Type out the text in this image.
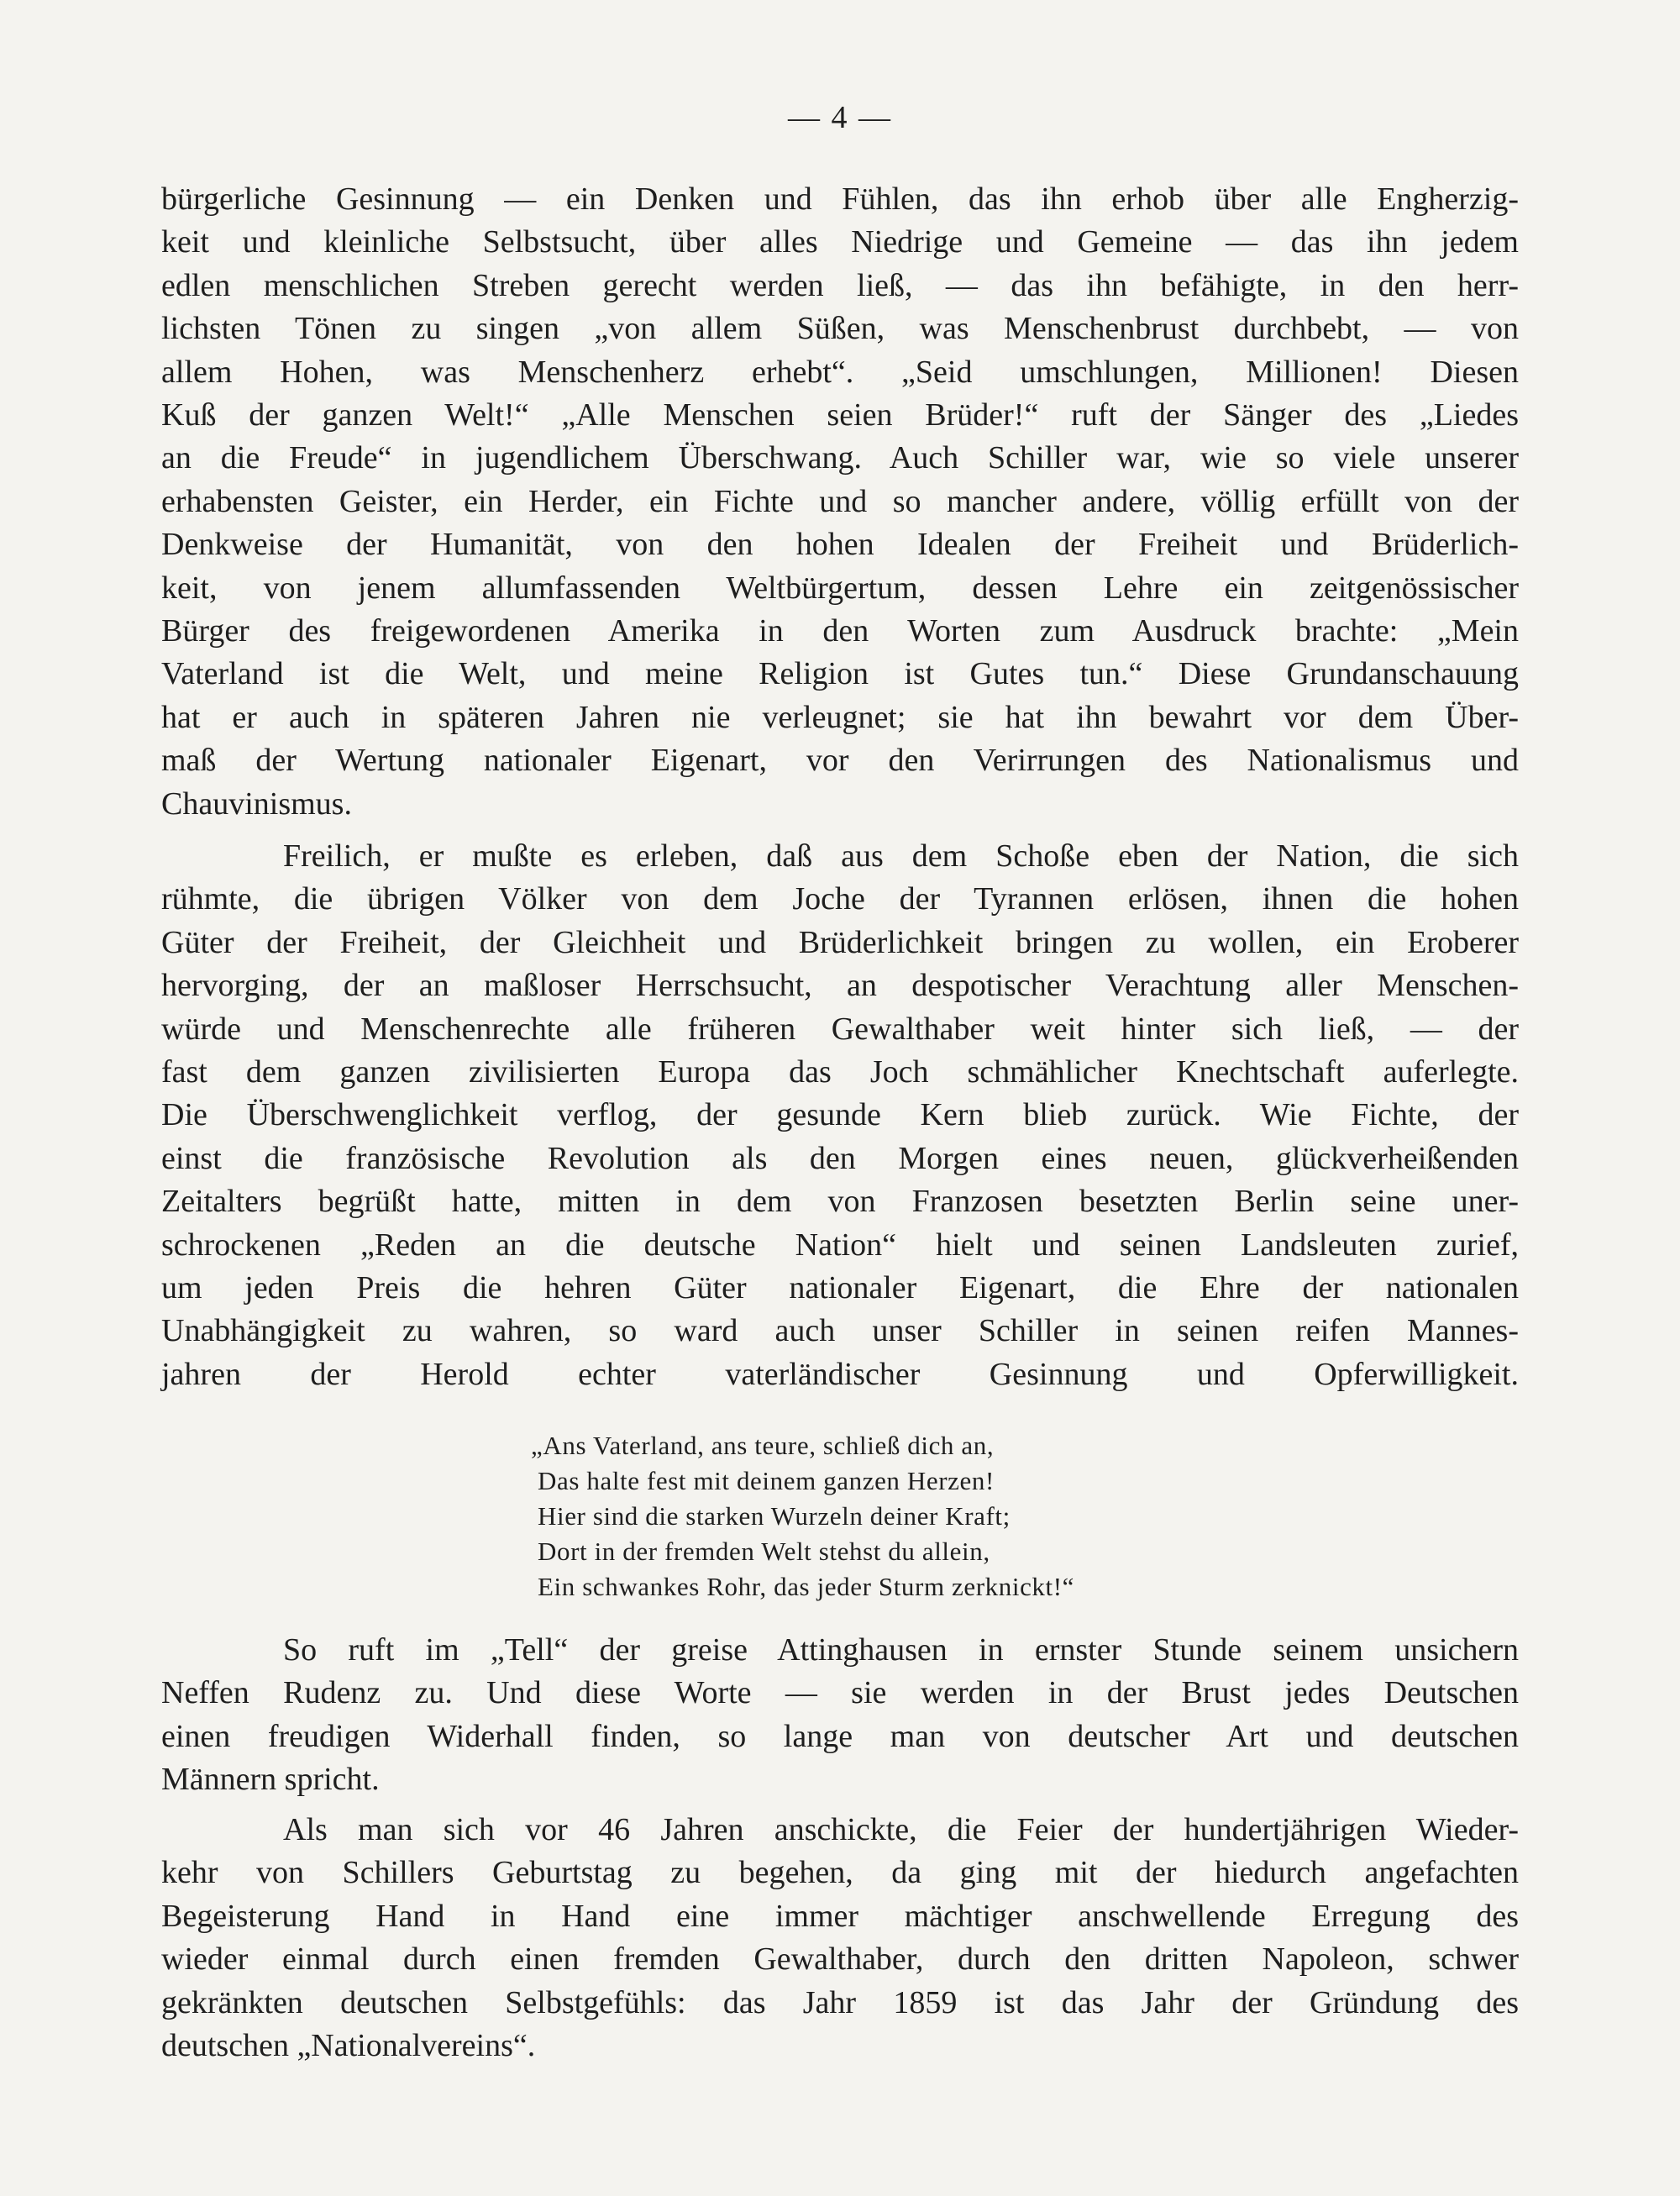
— 4 —
bürgerliche Gesinnung — ein Denken und Fühlen, das ihn erhob über alle Engherzig-
keit und kleinliche Selbstsucht, über alles Niedrige und Gemeine — das ihn jedem
edlen menschlichen Streben gerecht werden ließ, — das ihn befähigte, in den herr-
lichsten Tönen zu singen „von allem Süßen, was Menschenbrust durchbebt, — von
allem Hohen, was Menschenherz erhebt“. „Seid umschlungen, Millionen! Diesen
Kuß der ganzen Welt!“ „Alle Menschen seien Brüder!“ ruft der Sänger des „Liedes
an die Freude“ in jugendlichem Überschwang. Auch Schiller war, wie so viele unserer
erhabensten Geister, ein Herder, ein Fichte und so mancher andere, völlig erfüllt von der
Denkweise der Humanität, von den hohen Idealen der Freiheit und Brüderlich-
keit, von jenem allumfassenden Weltbürgertum, dessen Lehre ein zeitgenössischer
Bürger des freigewordenen Amerika in den Worten zum Ausdruck brachte: „Mein
Vaterland ist die Welt, und meine Religion ist Gutes tun.“ Diese Grundanschauung
hat er auch in späteren Jahren nie verleugnet; sie hat ihn bewahrt vor dem Über-
maß der Wertung nationaler Eigenart, vor den Verirrungen des Nationalismus und
Chauvinismus.
Freilich, er mußte es erleben, daß aus dem Schoße eben der Nation, die sich
rühmte, die übrigen Völker von dem Joche der Tyrannen erlösen, ihnen die hohen
Güter der Freiheit, der Gleichheit und Brüderlichkeit bringen zu wollen, ein Eroberer
hervorging, der an maßloser Herrschsucht, an despotischer Verachtung aller Menschen-
würde und Menschenrechte alle früheren Gewalthaber weit hinter sich ließ, — der
fast dem ganzen zivilisierten Europa das Joch schmählicher Knechtschaft auferlegte.
Die Überschwenglichkeit verflog, der gesunde Kern blieb zurück. Wie Fichte, der
einst die französische Revolution als den Morgen eines neuen, glückverheißenden
Zeitalters begrüßt hatte, mitten in dem von Franzosen besetzten Berlin seine uner-
schrockenen „Reden an die deutsche Nation“ hielt und seinen Landsleuten zurief,
um jeden Preis die hehren Güter nationaler Eigenart, die Ehre der nationalen
Unabhängigkeit zu wahren, so ward auch unser Schiller in seinen reifen Mannes-
jahren der Herold echter vaterländischer Gesinnung und Opferwilligkeit.
„Ans Vaterland, ans teure, schließ dich an,
Das halte fest mit deinem ganzen Herzen!
Hier sind die starken Wurzeln deiner Kraft;
Dort in der fremden Welt stehst du allein,
Ein schwankes Rohr, das jeder Sturm zerknickt!“
So ruft im „Tell“ der greise Attinghausen in ernster Stunde seinem unsichern
Neffen Rudenz zu. Und diese Worte — sie werden in der Brust jedes Deutschen
einen freudigen Widerhall finden, so lange man von deutscher Art und deutschen
Männern spricht.
Als man sich vor 46 Jahren anschickte, die Feier der hundertjährigen Wieder-
kehr von Schillers Geburtstag zu begehen, da ging mit der hiedurch angefachten
Begeisterung Hand in Hand eine immer mächtiger anschwellende Erregung des
wieder einmal durch einen fremden Gewalthaber, durch den dritten Napoleon, schwer
gekränkten deutschen Selbstgefühls: das Jahr 1859 ist das Jahr der Gründung des
deutschen „Nationalvereins“.
